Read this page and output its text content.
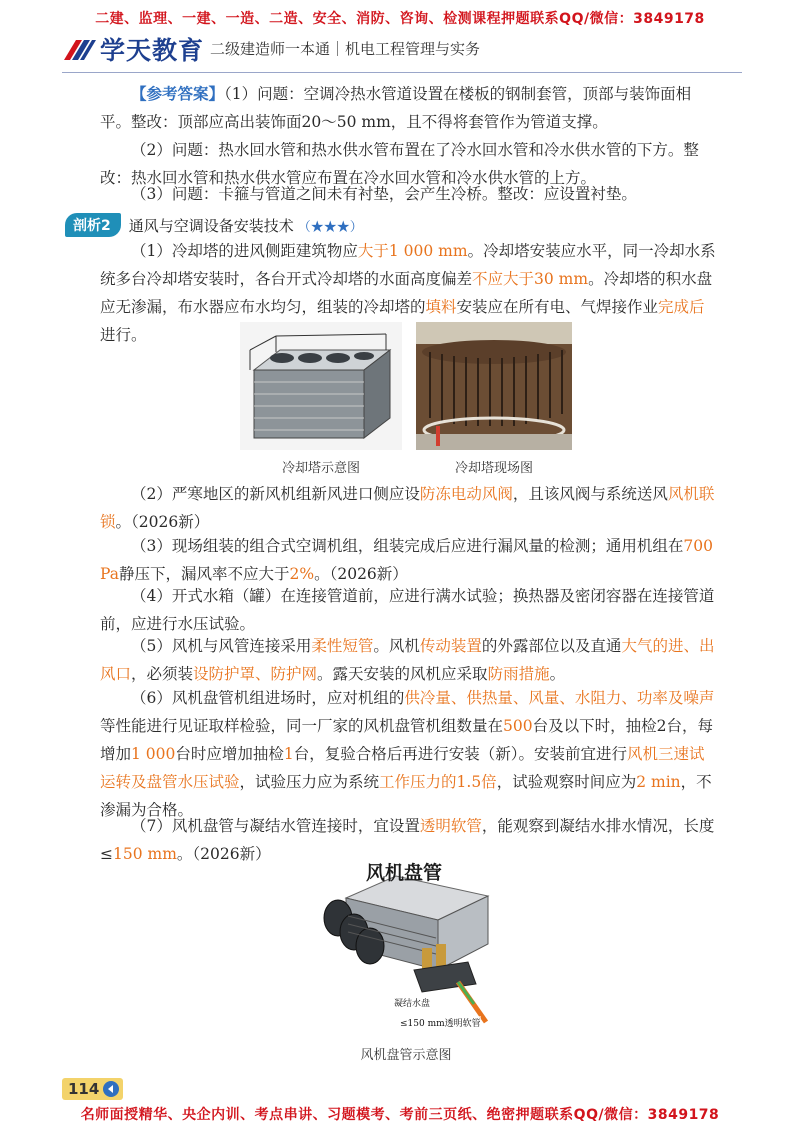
二建、监理、一建、一造、二造、安全、消防、咨询、检测课程押题联系QQ/微信：3849178
学天教育 二级建造师一本通｜机电工程管理与实务
【参考答案】（1）问题：空调冷热水管道设置在楼板的钢制套管，顶部与装饰面相平。整改：顶部应高出装饰面20～50 mm，且不得将套管作为管道支撑。
（2）问题：热水回水管和热水供水管布置在了冷水回水管和冷水供水管的下方。整改：热水回水管和热水供水管应布置在冷水回水管和冷水供水管的上方。
（3）问题：卡箍与管道之间未有衬垫，会产生冷桥。整改：应设置衬垫。
剖析2	通风与空调设备安装技术 （★★★）
（1）冷却塔的进风侧距建筑物应大于1 000 mm。冷却塔安装应水平，同一冷却水系统多台冷却塔安装时，各台开式冷却塔的水面高度偏差不应大于30 mm。冷却塔的积水盘应无渗漏，布水器应布水均匀，组装的冷却塔的填料安装应在所有电、气焊接作业完成后进行。
冷却塔示意图	冷却塔现场图
（2）严寒地区的新风机组新风进口侧应设防冻电动风阀，且该风阀与系统送风风机联锁。（2026新）
（3）现场组装的组合式空调机组，组装完成后应进行漏风量的检测；通用机组在700 Pa静压下，漏风率不应大于2%。（2026新）
（4）开式水箱（罐）在连接管道前，应进行满水试验；换热器及密闭容器在连接管道前，应进行水压试验。
（5）风机与风管连接采用柔性短管。风机传动装置的外露部位以及直通大气的进、出风口，必须装设防护罩、防护网。露天安装的风机应采取防雨措施。
（6）风机盘管机组进场时，应对机组的供冷量、供热量、风量、水阻力、功率及噪声等性能进行见证取样检验，同一厂家的风机盘管机组数量在500台及以下时，抽检2台，每增加1 000台时应增加抽检1台，复验合格后再进行安装（新）。安装前宜进行风机三速试运转及盘管水压试验，试验压力应为系统工作压力的1.5倍，试验观察时间应为2 min，不渗漏为合格。
（7）风机盘管与凝结水管连接时，宜设置透明软管，能观察到凝结水排水情况，长度≤150 mm。（2026新）
风机盘管
凝结水盘
≤150 mm透明软管
风机盘管示意图
114
名师面授精华、央企内训、考点串讲、习题模考、考前三页纸、绝密押题联系QQ/微信：3849178
